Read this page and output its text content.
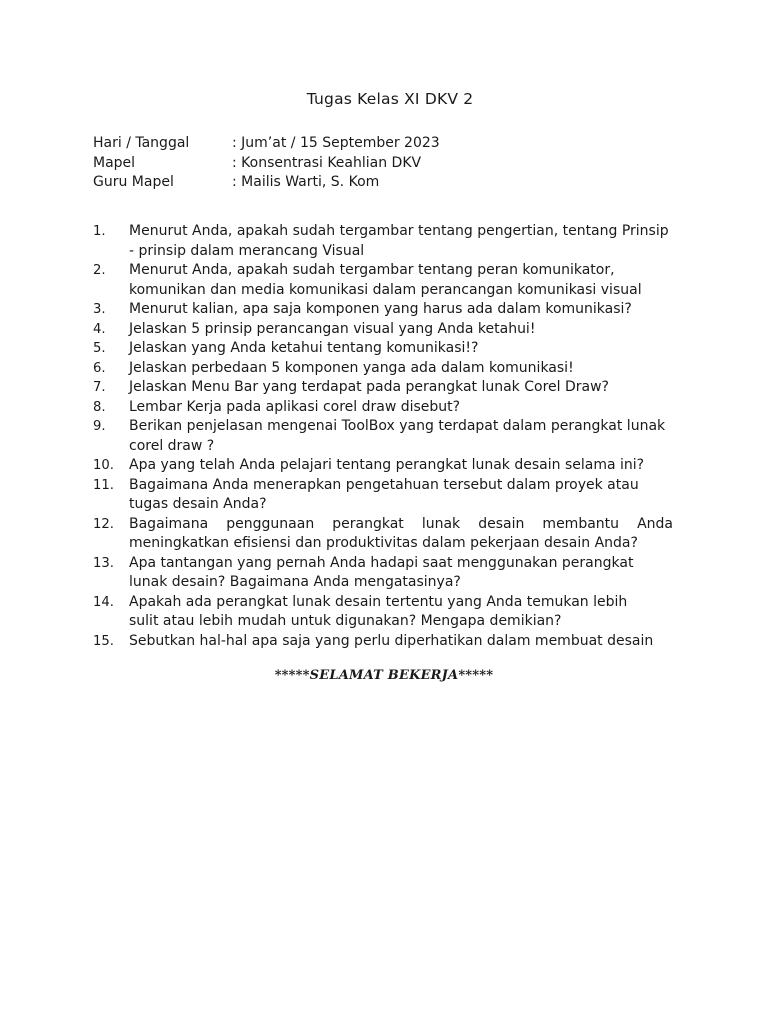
Tugas Kelas XI DKV 2
Hari / Tanggal	: Jum’at / 15 September 2023
Mapel	: Konsentrasi Keahlian DKV
Guru Mapel	: Mailis Warti, S. Kom
1.	Menurut Anda, apakah sudah tergambar tentang pengertian, tentang Prinsip
- prinsip dalam merancang Visual
2.	Menurut Anda, apakah sudah tergambar tentang peran komunikator,
komunikan dan media komunikasi dalam perancangan komunikasi visual
3.	Menurut kalian, apa saja komponen yang harus ada dalam komunikasi?
4.	Jelaskan 5 prinsip perancangan visual yang Anda ketahui!
5.	Jelaskan yang Anda ketahui tentang komunikasi!?
6.	Jelaskan perbedaan 5 komponen yanga ada dalam komunikasi!
7.	Jelaskan Menu Bar yang terdapat pada perangkat lunak Corel Draw?
8.	Lembar Kerja pada aplikasi corel draw disebut?
9.	Berikan penjelasan mengenai ToolBox yang terdapat dalam perangkat lunak
corel draw ?
10.	Apa yang telah Anda pelajari tentang perangkat lunak desain selama ini?
11.	Bagaimana Anda menerapkan pengetahuan tersebut dalam proyek atau
tugas desain Anda?
12.	Bagaimana penggunaan perangkat lunak desain membantu Anda meningkatkan efisiensi dan produktivitas dalam pekerjaan desain Anda?
13.	Apa tantangan yang pernah Anda hadapi saat menggunakan perangkat
lunak desain? Bagaimana Anda mengatasinya?
14.	Apakah ada perangkat lunak desain tertentu yang Anda temukan lebih
sulit atau lebih mudah untuk digunakan? Mengapa demikian?
15.	Sebutkan hal-hal apa saja yang perlu diperhatikan dalam membuat desain
*****SELAMAT BEKERJA*****
